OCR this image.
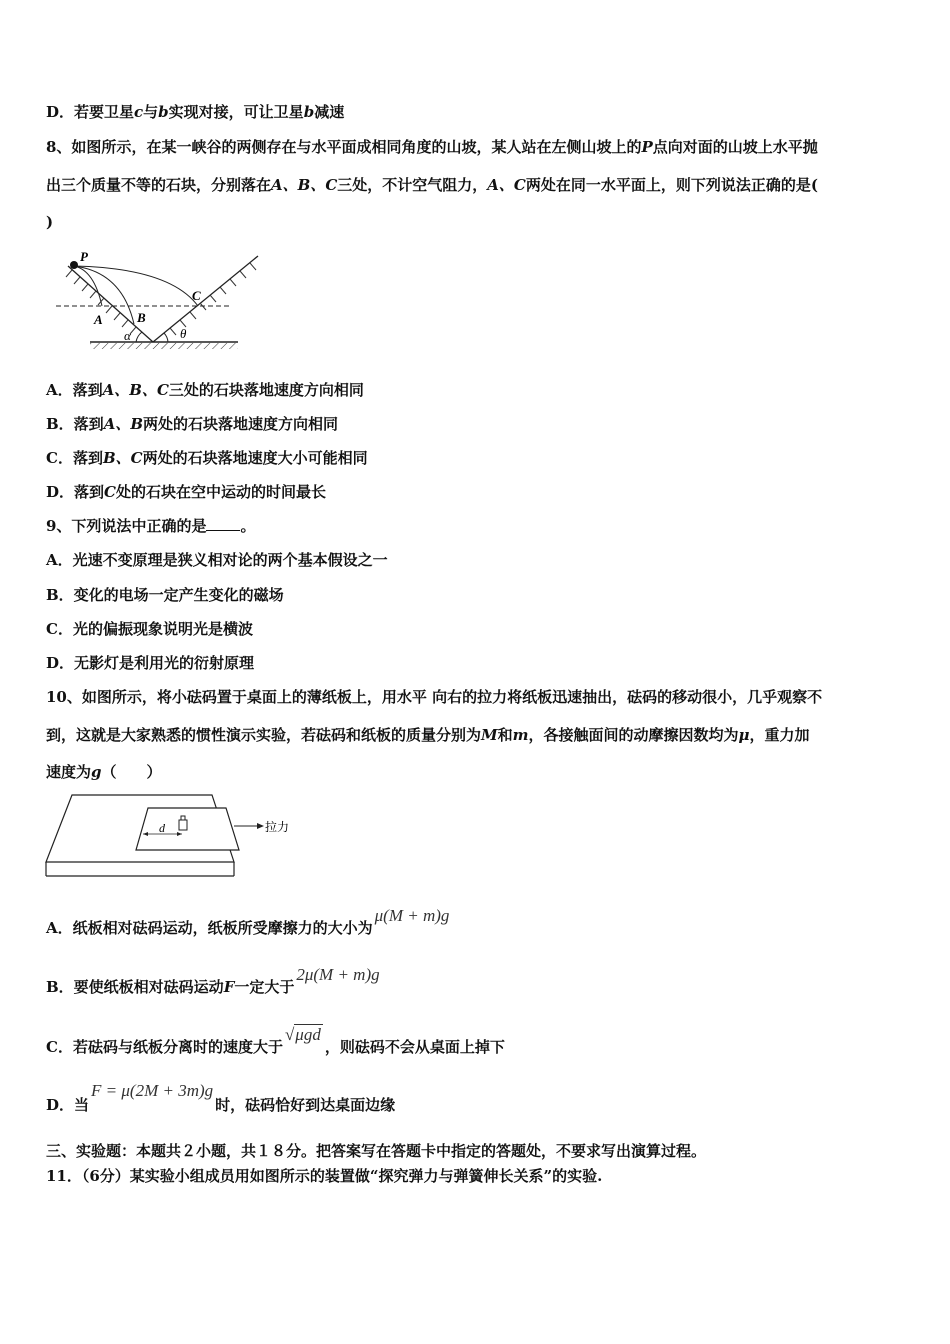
D．若要卫星c与b实现对接，可让卫星b减速
8、如图所示，在某一峡谷的两侧存在与水平面成相同角度的山坡，某人站在左侧山坡上的P点向对面的山坡上水平抛
出三个质量不等的石块，分别落在A、B、C三处，不计空气阻力，A、C两处在同一水平面上，则下列说法正确的是(
)
P
A	B
C
α	θ
A．落到A、B、C三处的石块落地速度方向相同
B．落到A、B两处的石块落地速度方向相同
C．落到B、C两处的石块落地速度大小可能相同
D．落到C处的石块在空中运动的时间最长
9、下列说法中正确的是 。
A．光速不变原理是狭义相对论的两个基本假设之一
B．变化的电场一定产生变化的磁场
C．光的偏振现象说明光是横波
D．无影灯是利用光的衍射原理
10、如图所示，将小砝码置于桌面上的薄纸板上，用水平 向右的拉力将纸板迅速抽出，砝码的移动很小，几乎观察不
到，这就是大家熟悉的惯性演示实验，若砝码和纸板的质量分别为M和m，各接触面间的动摩擦因数均为μ，重力加
速度为g（　　）
d	拉力
A．纸板相对砝码运动，纸板所受摩擦力的大小为μ(M + m)g
B．要使纸板相对砝码运动F一定大于2μ(M + m)g
C．若砝码与纸板分离时的速度大于√μgd，则砝码不会从桌面上掉下
D．当F = μ(2M + 3m)g时，砝码恰好到达桌面边缘
三、实验题：本题共２小题，共１８分。把答案写在答题卡中指定的答题处，不要求写出演算过程。
11．（6分）某实验小组成员用如图所示的装置做“探究弹力与弹簧伸长关系”的实验.
